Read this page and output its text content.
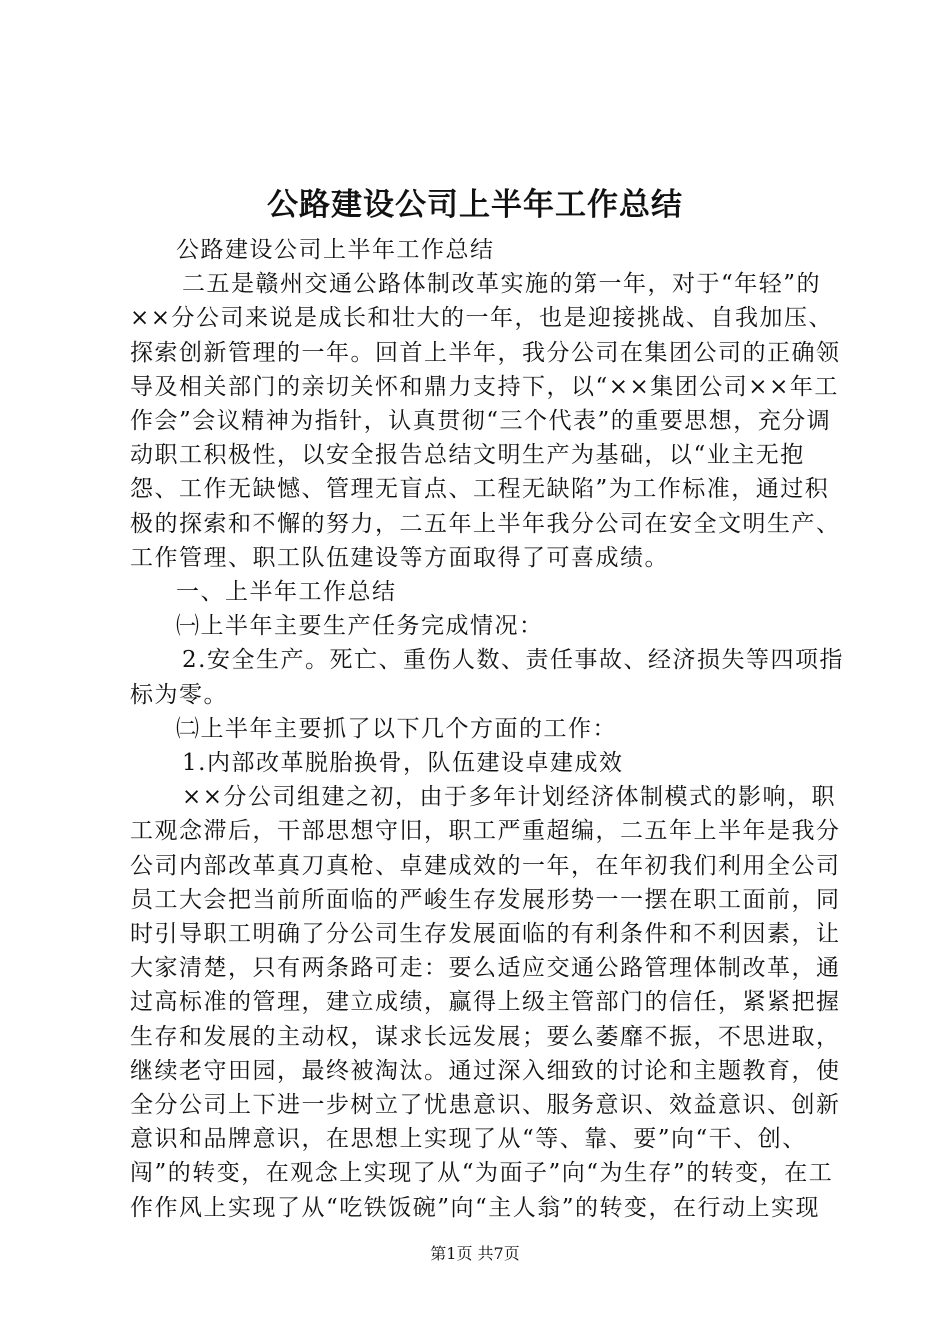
公路建设公司上半年工作总结

公路建设公司上半年工作总结

二五是赣州交通公路体制改革实施的第一年，对于“年轻”的××分公司来说是成长和壮大的一年，也是迎接挑战、自我加压、探索创新管理的一年。回首上半年，我分公司在集团公司的正确领导及相关部门的亲切关怀和鼎力支持下，以“××集团公司××年工作会”会议精神为指针，认真贯彻“三个代表”的重要思想，充分调动职工积极性，以安全报告总结文明生产为基础，以“业主无抱怨、工作无缺憾、管理无盲点、工程无缺陷”为工作标准，通过积极的探索和不懈的努力，二五年上半年我分公司在安全文明生产、工作管理、职工队伍建设等方面取得了可喜成绩。

一、上半年工作总结

㈠上半年主要生产任务完成情况：

2.安全生产。死亡、重伤人数、责任事故、经济损失等四项指标为零。

㈡上半年主要抓了以下几个方面的工作：

1.内部改革脱胎换骨，队伍建设卓建成效

××分公司组建之初，由于多年计划经济体制模式的影响，职工观念滞后，干部思想守旧，职工严重超编，二五年上半年是我分公司内部改革真刀真枪、卓建成效的一年，在年初我们利用全公司员工大会把当前所面临的严峻生存发展形势一一摆在职工面前，同时引导职工明确了分公司生存发展面临的有利条件和不利因素，让大家清楚，只有两条路可走：要么适应交通公路管理体制改革，通过高标准的管理，建立成绩，赢得上级主管部门的信任，紧紧把握生存和发展的主动权，谋求长远发展；要么萎靡不振，不思进取，继续老守田园，最终被淘汰。通过深入细致的讨论和主题教育，使全分公司上下进一步树立了忧患意识、服务意识、效益意识、创新意识和品牌意识，在思想上实现了从“等、靠、要”向“干、创、闯”的转变，在观念上实现了从“为面子”向“为生存”的转变，在工作作风上实现了从“吃铁饭碗”向“主人翁”的转变，在行动上实现

第1页 共7页
